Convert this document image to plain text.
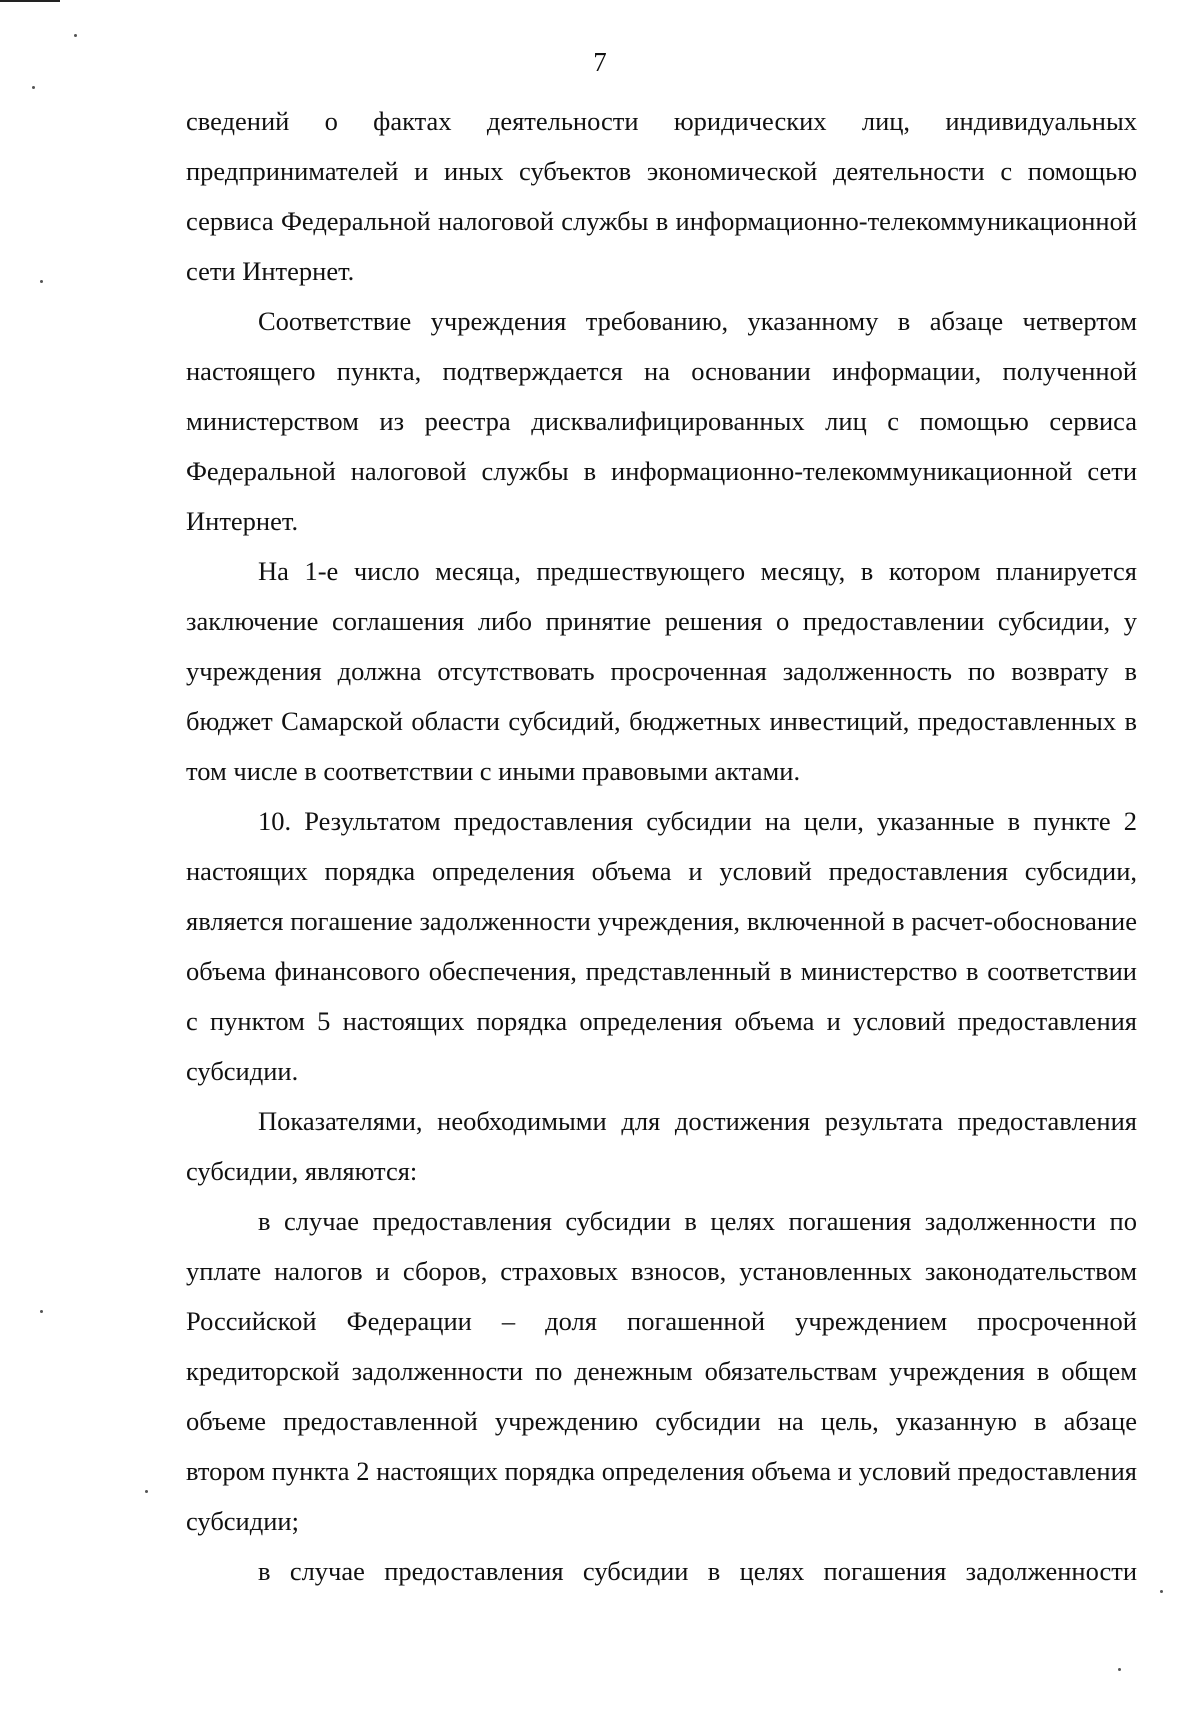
7

сведений о фактах деятельности юридических лиц, индивидуальных предпринимателей и иных субъектов экономической деятельности с помощью сервиса Федеральной налоговой службы в информационно-телекоммуникационной сети Интернет.

Соответствие учреждения требованию, указанному в абзаце четвертом настоящего пункта, подтверждается на основании информации, полученной министерством из реестра дисквалифицированных лиц с помощью сервиса Федеральной налоговой службы в информационно-телекоммуникационной сети Интернет.

На 1-е число месяца, предшествующего месяцу, в котором планируется заключение соглашения либо принятие решения о предоставлении субсидии, у учреждения должна отсутствовать просроченная задолженность по возврату в бюджет Самарской области субсидий, бюджетных инвестиций, предоставленных в том числе в соответствии с иными правовыми актами.

10. Результатом предоставления субсидии на цели, указанные в пункте 2 настоящих порядка определения объема и условий предоставления субсидии, является погашение задолженности учреждения, включенной в расчет-обоснование объема финансового обеспечения, представленный в министерство в соответствии с пунктом 5 настоящих порядка определения объема и условий предоставления субсидии.

Показателями, необходимыми для достижения результата предоставления субсидии, являются:

в случае предоставления субсидии в целях погашения задолженности по уплате налогов и сборов, страховых взносов, установленных законодательством Российской Федерации – доля погашенной учреждением просроченной кредиторской задолженности по денежным обязательствам учреждения в общем объеме предоставленной учреждению субсидии на цель, указанную в абзаце втором пункта 2 настоящих порядка определения объема и условий предоставления субсидии;

в случае предоставления субсидии в целях погашения задолженности
